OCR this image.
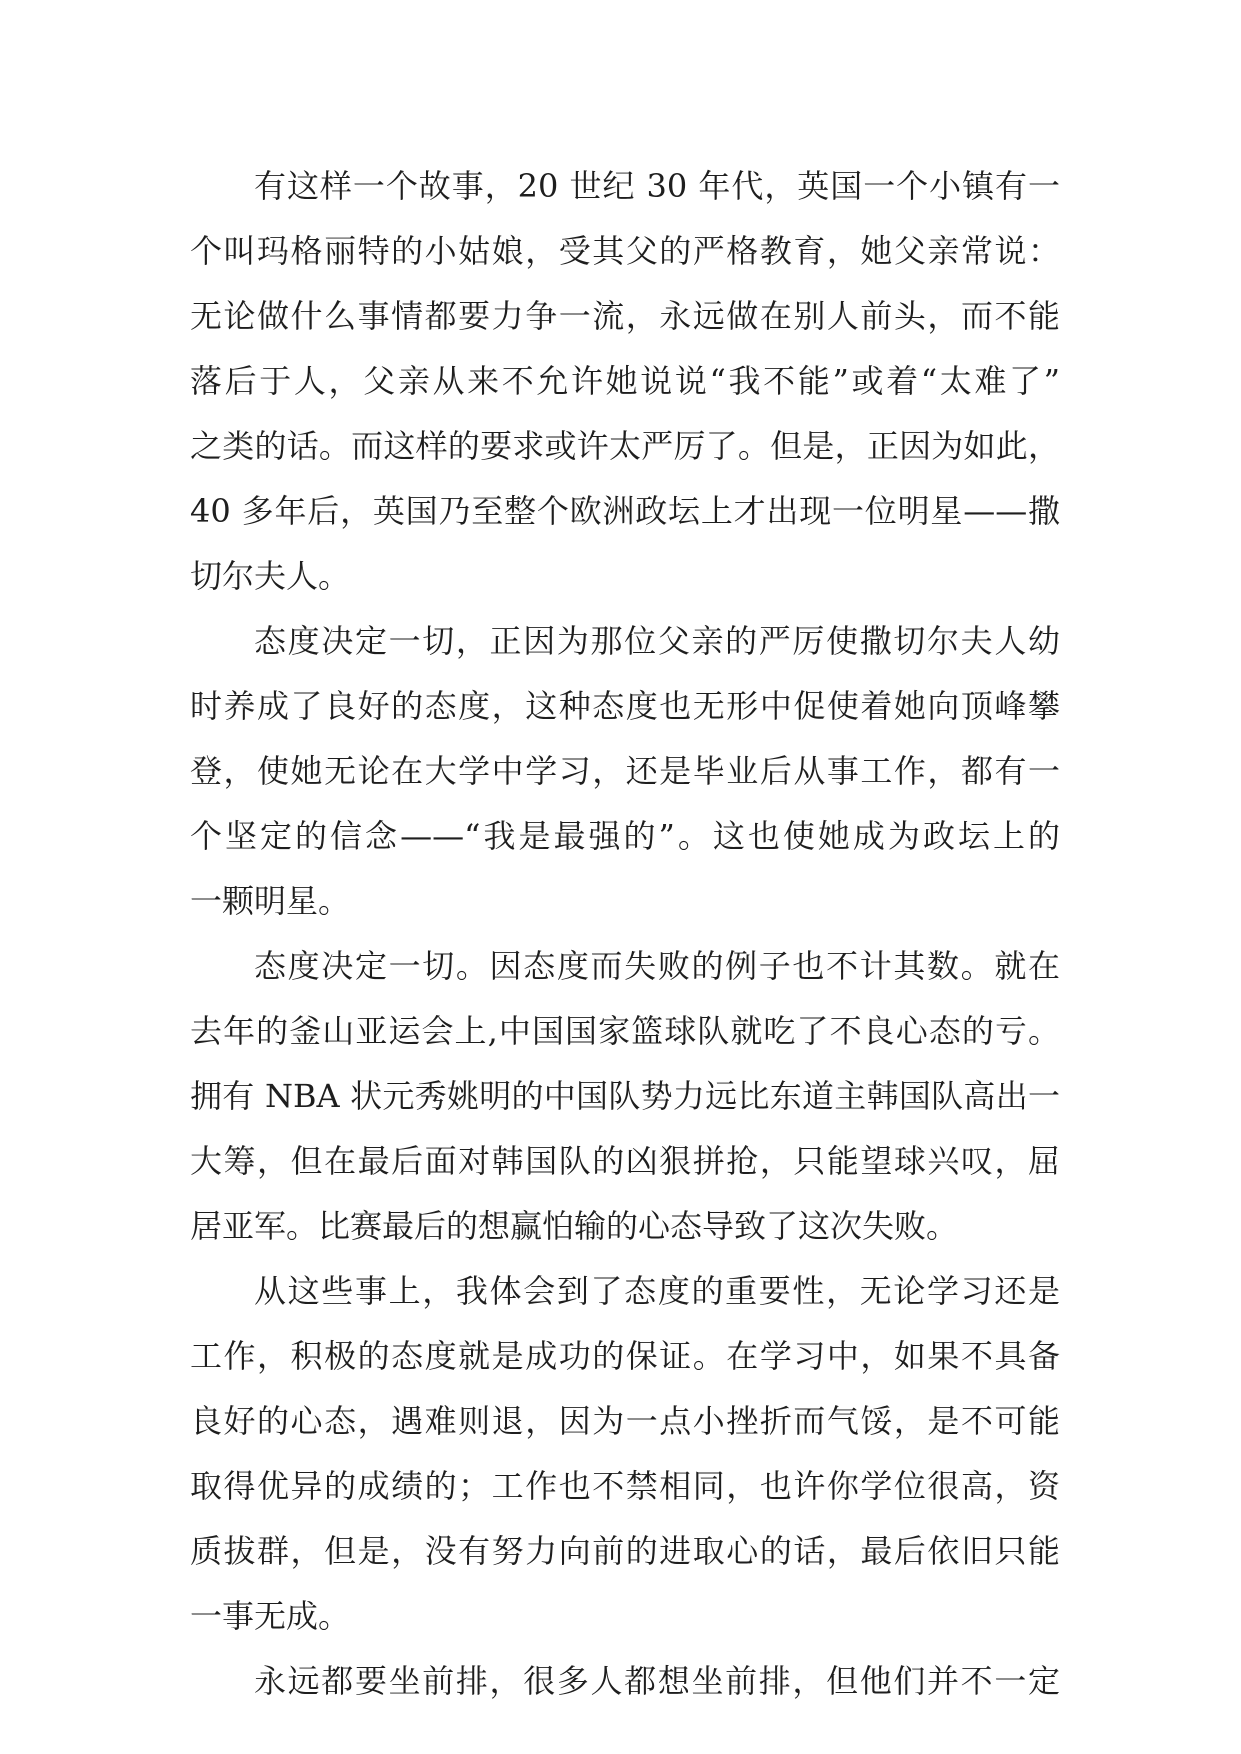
有这样一个故事，20 世纪 30 年代，英国一个小镇有一
个叫玛格丽特的小姑娘，受其父的严格教育，她父亲常说：
无论做什么事情都要力争一流，永远做在别人前头，而不能
落后于人，父亲从来不允许她说说“我不能”或着“太难了”
之类的话。而这样的要求或许太严厉了。但是，正因为如此，
40 多年后，英国乃至整个欧洲政坛上才出现一位明星——撒
切尔夫人。
态度决定一切，正因为那位父亲的严厉使撒切尔夫人幼
时养成了良好的态度，这种态度也无形中促使着她向顶峰攀
登，使她无论在大学中学习，还是毕业后从事工作，都有一
个坚定的信念——“我是最强的”。这也使她成为政坛上的
一颗明星。
态度决定一切。因态度而失败的例子也不计其数。就在
去年的釜山亚运会上,中国国家篮球队就吃了不良心态的亏。
拥有 NBA 状元秀姚明的中国队势力远比东道主韩国队高出一
大筹，但在最后面对韩国队的凶狠拼抢，只能望球兴叹，屈
居亚军。比赛最后的想赢怕输的心态导致了这次失败。
从这些事上，我体会到了态度的重要性，无论学习还是
工作，积极的态度就是成功的保证。在学习中，如果不具备
良好的心态，遇难则退，因为一点小挫折而气馁，是不可能
取得优异的成绩的；工作也不禁相同，也许你学位很高，资
质拔群，但是，没有努力向前的进取心的话，最后依旧只能
一事无成。
永远都要坐前排，很多人都想坐前排，但他们并不一定
